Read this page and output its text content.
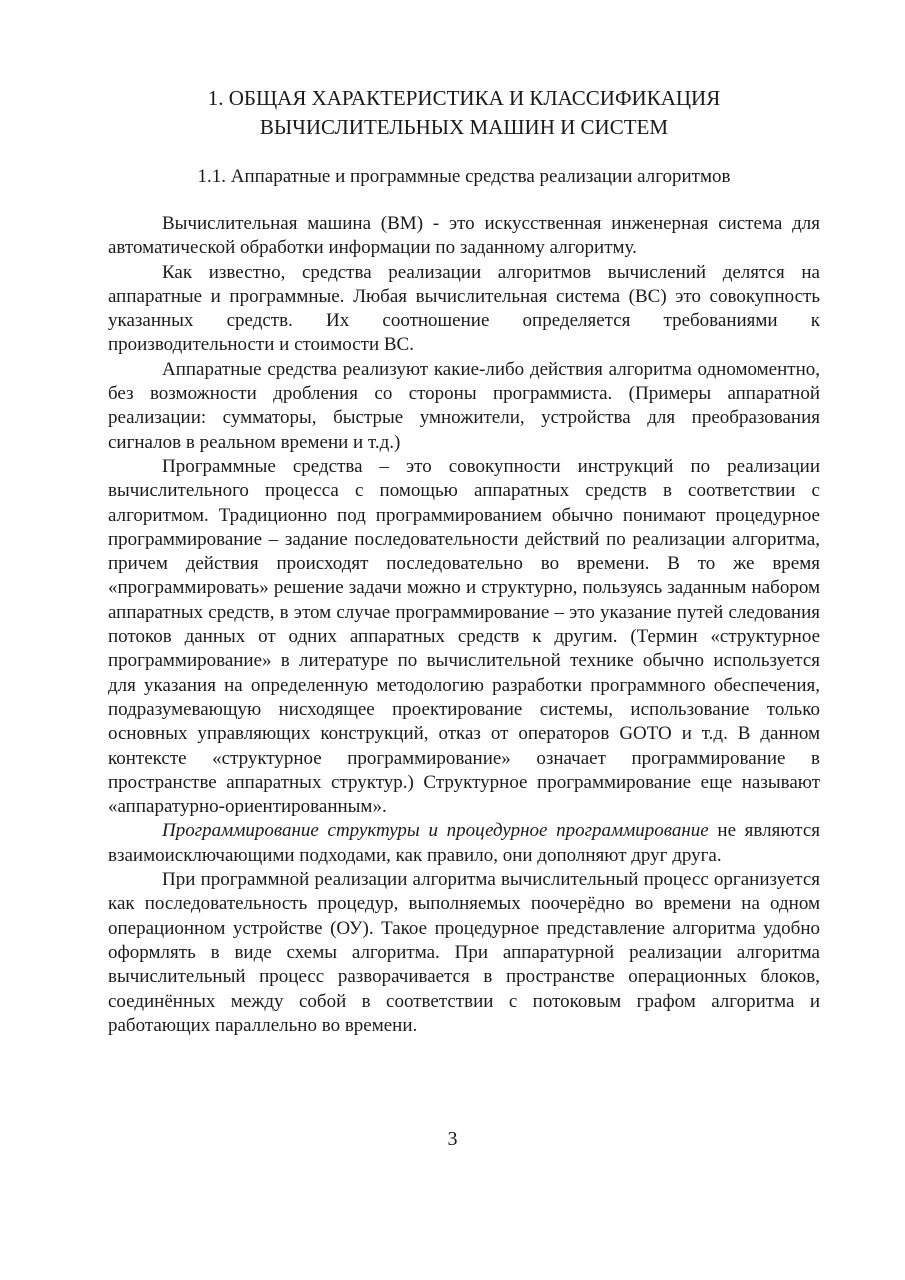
1. ОБЩАЯ ХАРАКТЕРИСТИКА И КЛАССИФИКАЦИЯ
ВЫЧИСЛИТЕЛЬНЫХ МАШИН И СИСТЕМ
1.1. Аппаратные и программные средства реализации алгоритмов

Вычислительная машина (ВМ) - это искусственная инженерная система для автоматической обработки информации по заданному алгоритму.

Как известно, средства реализации алгоритмов вычислений делятся на аппаратные и программные. Любая вычислительная система (ВС) это совокупность указанных средств. Их соотношение определяется требованиями к производительности и стоимости ВС.

Аппаратные средства реализуют какие-либо действия алгоритма одномоментно, без возможности дробления со стороны программиста. (Примеры аппаратной реализации: сумматоры, быстрые умножители, устройства для преобразования сигналов в реальном времени и т.д.)

Программные средства – это совокупности инструкций по реализации вычислительного процесса с помощью аппаратных средств в соответствии с алгоритмом. Традиционно под программированием обычно понимают процедурное программирование – задание последовательности действий по реализации алгоритма, причем действия происходят последовательно во времени. В то же время «программировать» решение задачи можно и структурно, пользуясь заданным набором аппаратных средств, в этом случае программирование – это указание путей следования потоков данных от одних аппаратных средств к другим. (Термин «структурное программирование» в литературе по вычислительной технике обычно используется для указания на определенную методологию разработки программного обеспечения, подразумевающую нисходящее проектирование системы, использование только основных управляющих конструкций, отказ от операторов GOTO и т.д. В данном контексте «структурное программирование» означает программирование в пространстве аппаратных структур.) Структурное программирование еще называют «аппаратурно-ориентированным».

Программирование структуры и процедурное программирование не являются взаимоисключающими подходами, как правило, они дополняют друг друга.

При программной реализации алгоритма вычислительный процесс организуется как последовательность процедур, выполняемых поочерёдно во времени на одном операционном устройстве (ОУ). Такое процедурное представление алгоритма удобно оформлять в виде схемы алгоритма. При аппаратурной реализации алгоритма вычислительный процесс разворачивается в пространстве операционных блоков, соединённых между собой в соответствии с потоковым графом алгоритма и работающих параллельно во времени.

3
